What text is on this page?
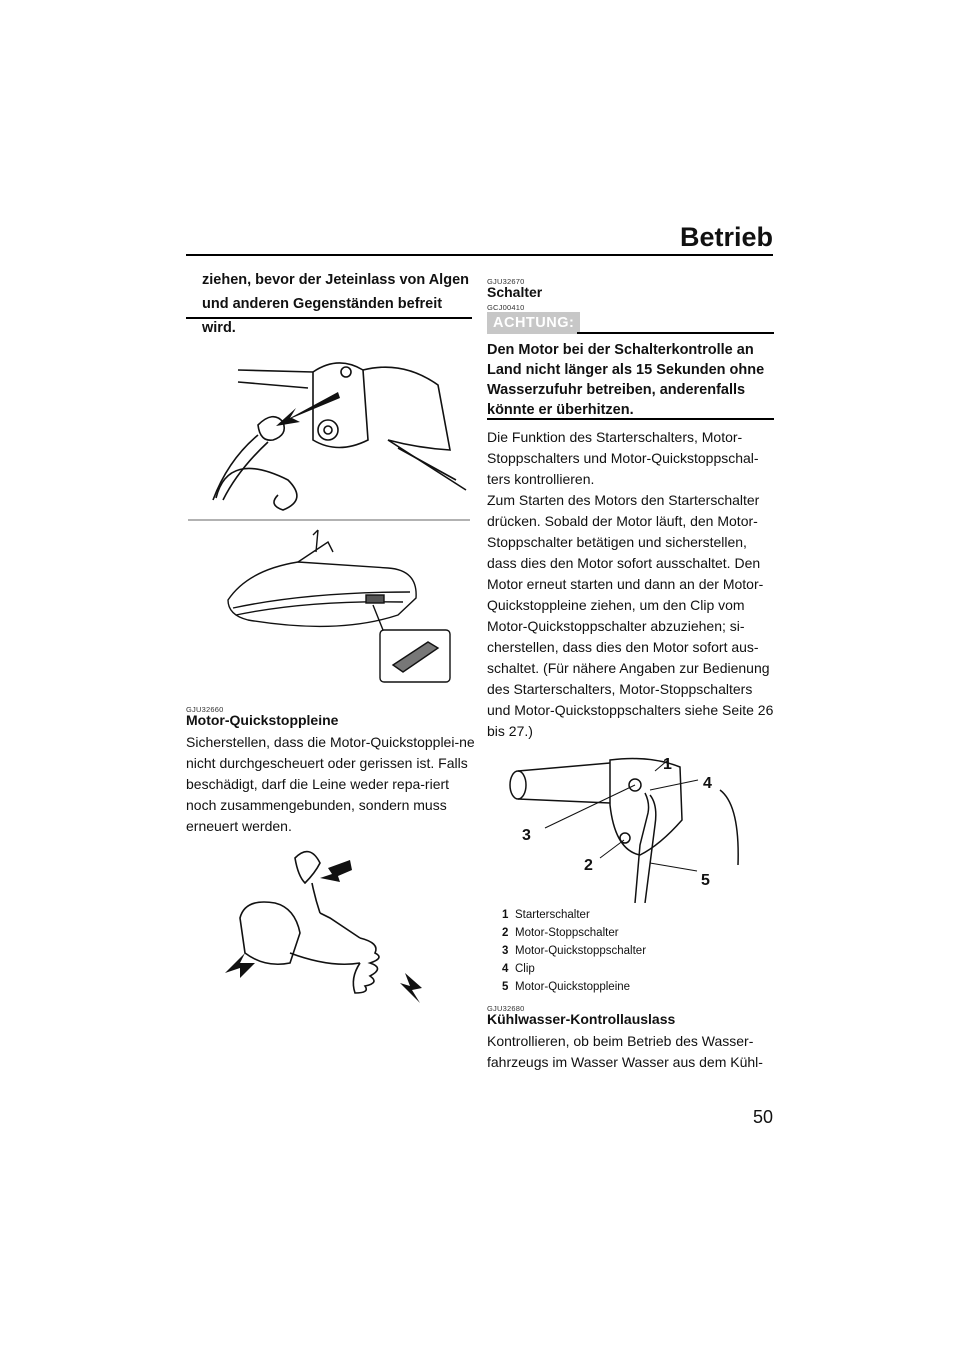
Betrieb
ziehen, bevor der Jeteinlass von Algen und anderen Gegenständen befreit wird.
GJU32660
Motor-Quickstoppleine
Sicherstellen, dass die Motor-Quickstopplei-ne nicht durchgescheuert oder gerissen ist. Falls beschädigt, darf die Leine weder repa-riert noch zusammengebunden, sondern muss erneuert werden.
GJU32670
Schalter
GCJ00410
ACHTUNG:
Den Motor bei der Schalterkontrolle an Land nicht länger als 15 Sekunden ohne Wasserzufuhr betreiben, anderenfalls könnte er überhitzen.
Die Funktion des Starterschalters, Motor-Stoppschalters und Motor-Quickstoppschal-ters kontrollieren.
Zum Starten des Motors den Starterschalter drücken. Sobald der Motor läuft, den Motor-Stoppschalter betätigen und sicherstellen, dass dies den Motor sofort ausschaltet. Den Motor erneut starten und dann an der Motor-Quickstoppleine ziehen, um den Clip vom Motor-Quickstoppschalter abzuziehen; si-cherstellen, dass dies den Motor sofort aus-schaltet. (Für nähere Angaben zur Bedienung des Starterschalters, Motor-Stoppschalters und Motor-Quickstoppschalters siehe Seite 26 bis 27.)
1
4
3
2
5
1 Starterschalter
2 Motor-Stoppschalter
3 Motor-Quickstoppschalter
4 Clip
5 Motor-Quickstoppleine
GJU32680
Kühlwasser-Kontrollauslass
Kontrollieren, ob beim Betrieb des Wasser-fahrzeugs im Wasser Wasser aus dem Kühl-
50
